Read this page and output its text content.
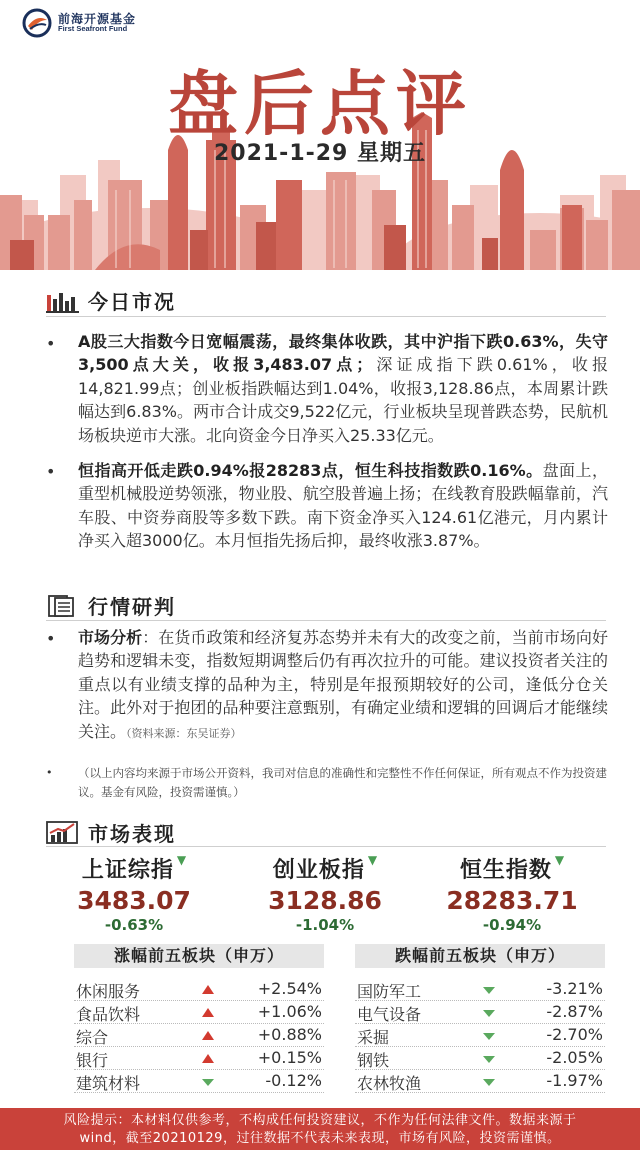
前海开源基金
First Seafront Fund
盘后点评
2021-1-29 星期五
今日市况
• A股三大指数今日宽幅震荡，最终集体收跌，其中沪指下跌0.63%，失守3,500点大关，收报3,483.07点；深证成指下跌0.61%，收报14,821.99点；创业板指跌幅达到1.04%，收报3,128.86点，本周累计跌幅达到6.83%。两市合计成交9,522亿元，行业板块呈现普跌态势，民航机场板块逆市大涨。北向资金今日净买入25.33亿元。
• 恒指高开低走跌0.94%报28283点，恒生科技指数跌0.16%。盘面上，重型机械股逆势领涨，物业股、航空股普遍上扬；在线教育股跌幅靠前，汽车股、中资券商股等多数下跌。南下资金净买入124.61亿港元，月内累计净买入超3000亿。本月恒指先扬后抑，最终收涨3.87%。
行情研判
• 市场分析：在货币政策和经济复苏态势并未有大的改变之前，当前市场向好趋势和逻辑未变，指数短期调整后仍有再次拉升的可能。建议投资者关注的重点以有业绩支撑的品种为主，特别是年报预期较好的公司，逢低分仓关注。此外对于抱团的品种要注意甄别，有确定业绩和逻辑的回调后才能继续关注。（资料来源：东吴证券）
• （以上内容均来源于市场公开资料，我司对信息的准确性和完整性不作任何保证，所有观点不作为投资建议。基金有风险，投资需谨慎。）
市场表现
上证综指 ▼
3483.07
-0.63%
创业板指 ▼
3128.86
-1.04%
恒生指数 ▼
28283.71
-0.94%
涨幅前五板块（申万）
休闲服务	+2.54%
食品饮料	+1.06%
综合	+0.88%
银行	+0.15%
建筑材料	-0.12%
跌幅前五板块（申万）
国防军工	-3.21%
电气设备	-2.87%
采掘	-2.70%
钢铁	-2.05%
农林牧渔	-1.97%
风险提示：本材料仅供参考，不构成任何投资建议，不作为任何法律文件。数据来源于
wind，截至20210129，过往数据不代表未来表现，市场有风险，投资需谨慎。
